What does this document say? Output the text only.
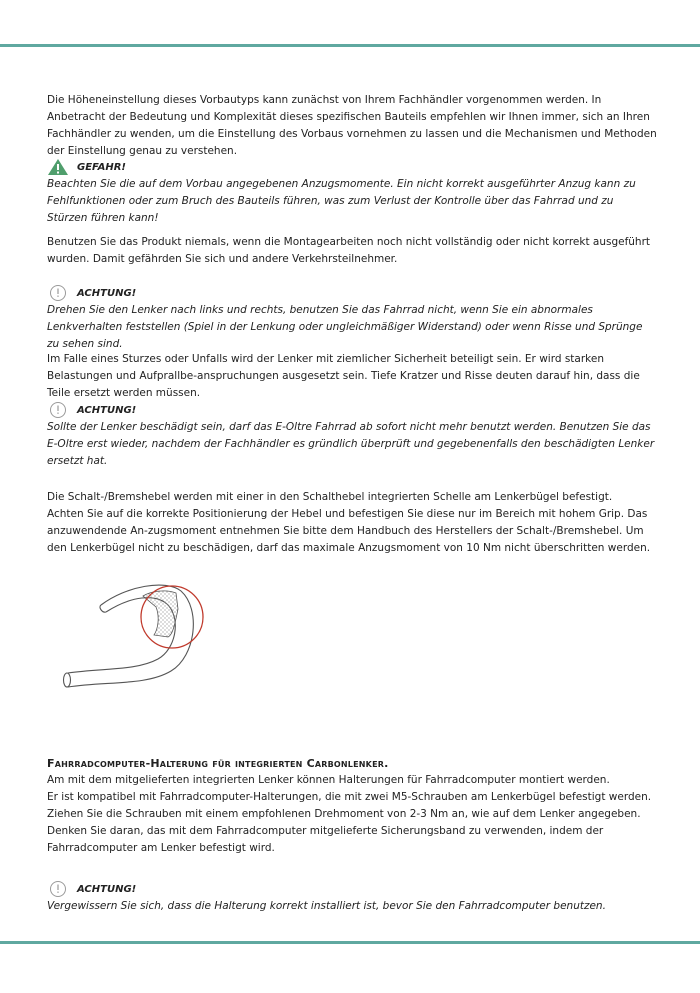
Die Höheneinstellung dieses Vorbautyps kann zunächst von Ihrem Fachhändler vorgenommen werden. In Anbetracht der Bedeutung und Komplexität dieses spezifischen Bauteils empfehlen wir Ihnen immer, sich an Ihren Fachhändler zu wenden, um die Einstellung des Vorbaus vornehmen zu lassen und die Mechanismen und Methoden der Einstellung genau zu verstehen.

GEFAHR!

Beachten Sie die auf dem Vorbau angegebenen Anzugsmomente. Ein nicht korrekt ausgeführter Anzug kann zu Fehlfunktionen oder zum Bruch des Bauteils führen, was zum Verlust der Kontrolle über das Fahrrad und zu Stürzen führen kann!

Benutzen Sie das Produkt niemals, wenn die Montagearbeiten noch nicht vollständig oder nicht korrekt ausgeführt wurden. Damit gefährden Sie sich und andere Verkehrsteilnehmer.

ACHTUNG!

Drehen Sie den Lenker nach links und rechts, benutzen Sie das Fahrrad nicht, wenn Sie ein abnormales Lenkverhalten feststellen (Spiel in der Lenkung oder ungleichmäßiger Widerstand) oder wenn Risse und Sprünge zu sehen sind.

Im Falle eines Sturzes oder Unfalls wird der Lenker mit ziemlicher Sicherheit beteiligt sein. Er wird starken Belastungen und Aufprallbe-anspruchungen ausgesetzt sein. Tiefe Kratzer und Risse deuten darauf hin, dass die Teile ersetzt werden müssen.

ACHTUNG!

Sollte der Lenker beschädigt sein, darf das E-Oltre Fahrrad ab sofort nicht mehr benutzt werden. Benutzen Sie das E-Oltre erst wieder, nachdem der Fachhändler es gründlich überprüft und gegebenenfalls den beschädigten Lenker ersetzt hat.

Die Schalt-/Bremshebel werden mit einer in den Schalthebel integrierten Schelle am Lenkerbügel befestigt.

Achten Sie auf die korrekte Positionierung der Hebel und befestigen Sie diese nur im Bereich mit hohem Grip. Das anzuwendende An-zugsmoment entnehmen Sie bitte dem Handbuch des Herstellers der Schalt-/Bremshebel. Um den Lenkerbügel nicht zu beschädigen, darf das maximale Anzugsmoment von 10 Nm nicht überschritten werden.

Fahrradcomputer-Halterung für integrierten Carbonlenker.

Am mit dem mitgelieferten integrierten Lenker können Halterungen für Fahrradcomputer montiert werden.

Er ist kompatibel mit Fahrradcomputer-Halterungen, die mit zwei M5-Schrauben am Lenkerbügel befestigt werden.

Ziehen Sie die Schrauben mit einem empfohlenen Drehmoment von 2-3 Nm an, wie auf dem Lenker angegeben.

Denken Sie daran, das mit dem Fahrradcomputer mitgelieferte Sicherungsband zu verwenden, indem der Fahrradcomputer am Lenker befestigt wird.

ACHTUNG!

Vergewissern Sie sich, dass die Halterung korrekt installiert ist, bevor Sie den Fahrradcomputer benutzen.
